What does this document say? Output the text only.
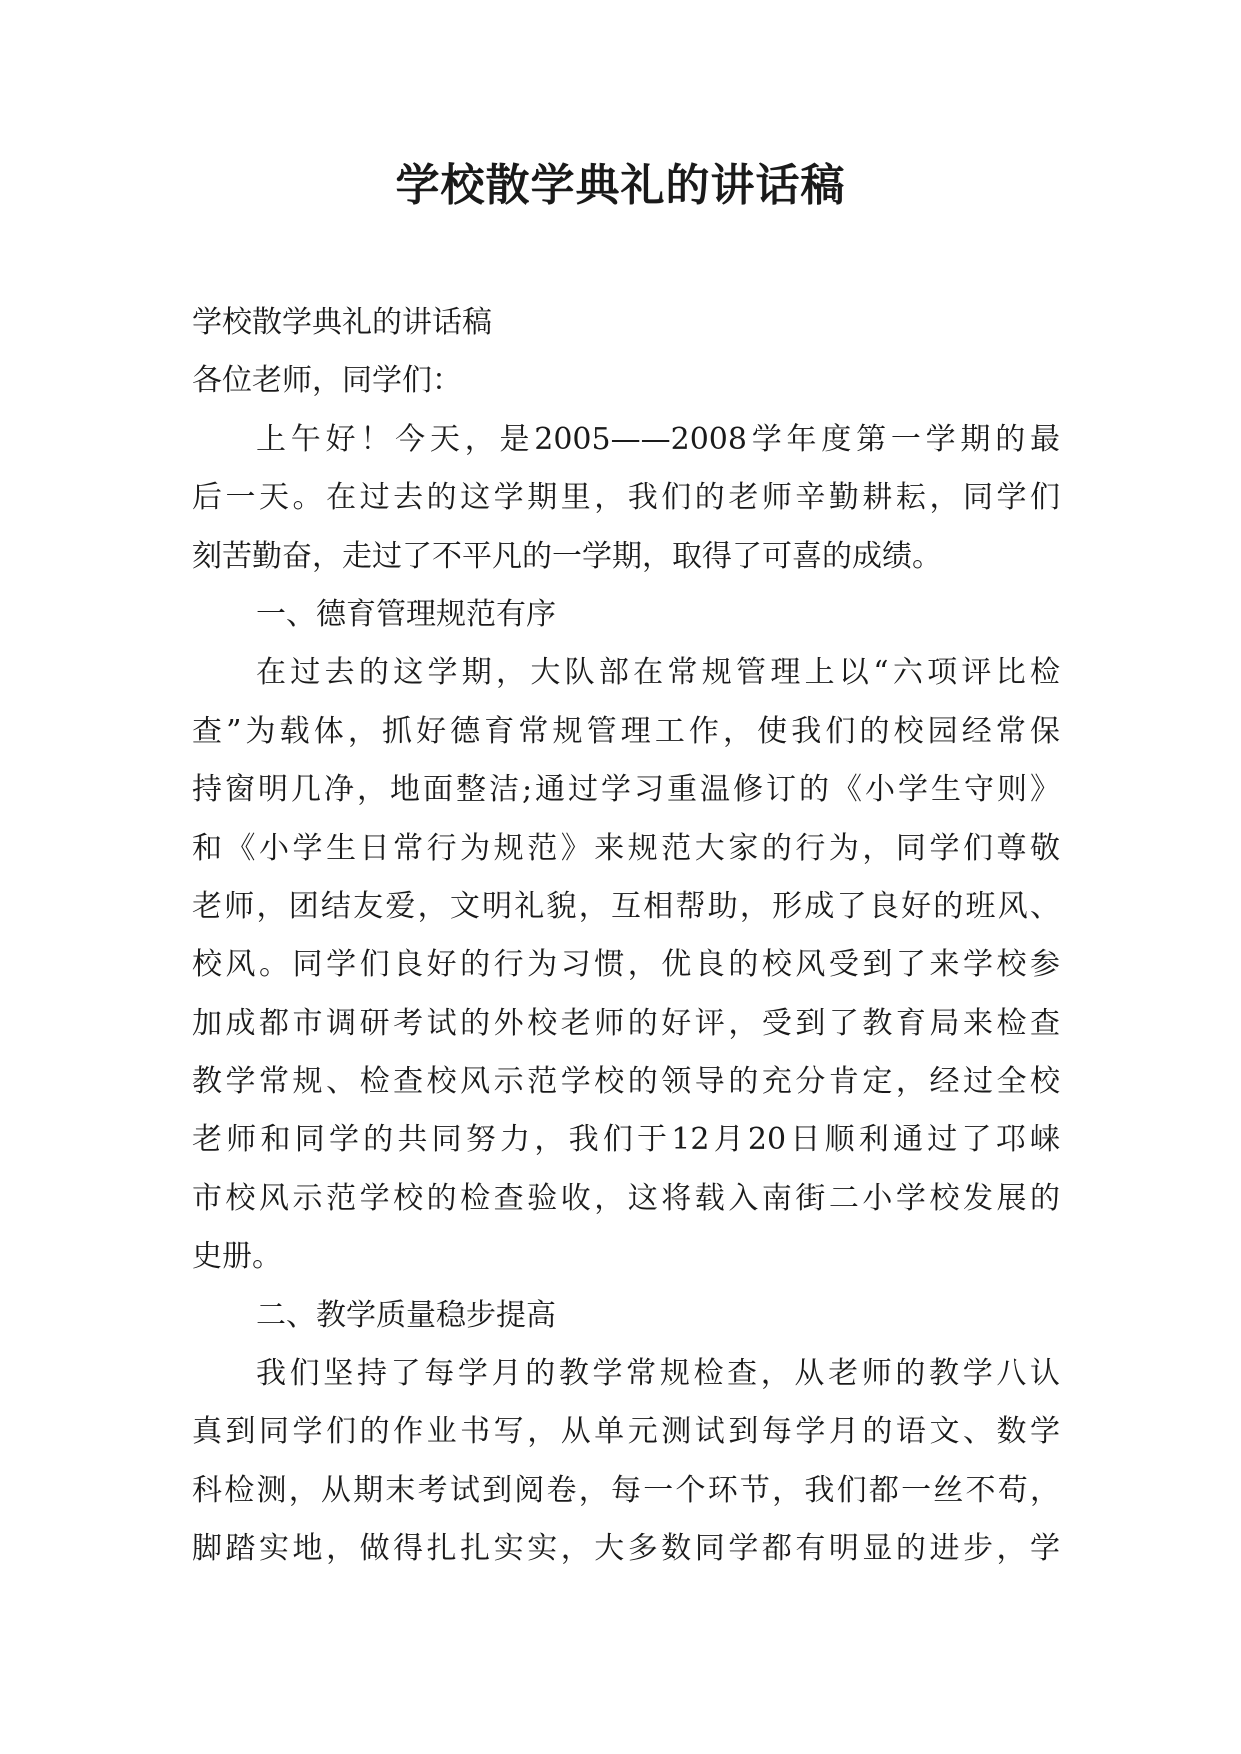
学校散学典礼的讲话稿
学校散学典礼的讲话稿
各位老师，同学们：
上午好！今天，是2005——2008学年度第一学期的最
后一天。在过去的这学期里，我们的老师辛勤耕耘，同学们
刻苦勤奋，走过了不平凡的一学期，取得了可喜的成绩。
一、德育管理规范有序
在过去的这学期，大队部在常规管理上以“六项评比检
查”为载体，抓好德育常规管理工作，使我们的校园经常保
持窗明几净，地面整洁;通过学习重温修订的《小学生守则》
和《小学生日常行为规范》来规范大家的行为，同学们尊敬
老师，团结友爱，文明礼貌，互相帮助，形成了良好的班风、
校风。同学们良好的行为习惯，优良的校风受到了来学校参
加成都市调研考试的外校老师的好评，受到了教育局来检查
教学常规、检查校风示范学校的领导的充分肯定，经过全校
老师和同学的共同努力，我们于12月20日顺利通过了邛崃
市校风示范学校的检查验收，这将载入南街二小学校发展的
史册。
二、教学质量稳步提高
我们坚持了每学月的教学常规检查，从老师的教学八认
真到同学们的作业书写，从单元测试到每学月的语文、数学
科检测，从期末考试到阅卷，每一个环节，我们都一丝不苟，
脚踏实地，做得扎扎实实，大多数同学都有明显的进步，学
